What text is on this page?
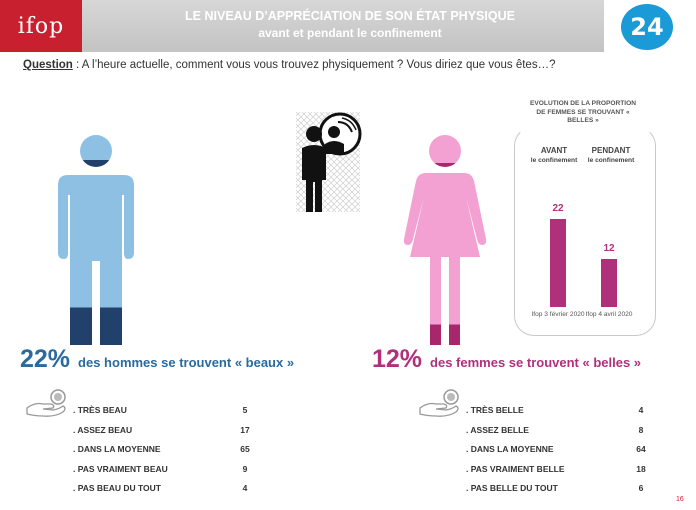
ifop	LE NIVEAU D’APPRÉCIATION DE SON ÉTAT PHYSIQUE
avant et pendant le confinement	24
Question : A l’heure actuelle, comment vous vous trouvez physiquement ? Vous diriez que vous êtes…?
22% des hommes se trouvent « beaux »	12% des femmes se trouvent « belles »
. TRÈS BEAU	5
. ASSEZ BEAU	17
. DANS LA MOYENNE	65
. PAS VRAIMENT BEAU	9
. PAS BEAU DU TOUT	4
. TRÈS BELLE	4
. ASSEZ BELLE	8
. DANS LA MOYENNE	64
. PAS VRAIMENT BELLE	18
. PAS BELLE DU TOUT	6
EVOLUTION DE LA PROPORTION DE FEMMES SE TROUVANT « BELLES »
AVANT
le confinement
PENDANT
le confinement
22
Ifop 3 février 2020
12
Ifop 4 avril 2020
16
